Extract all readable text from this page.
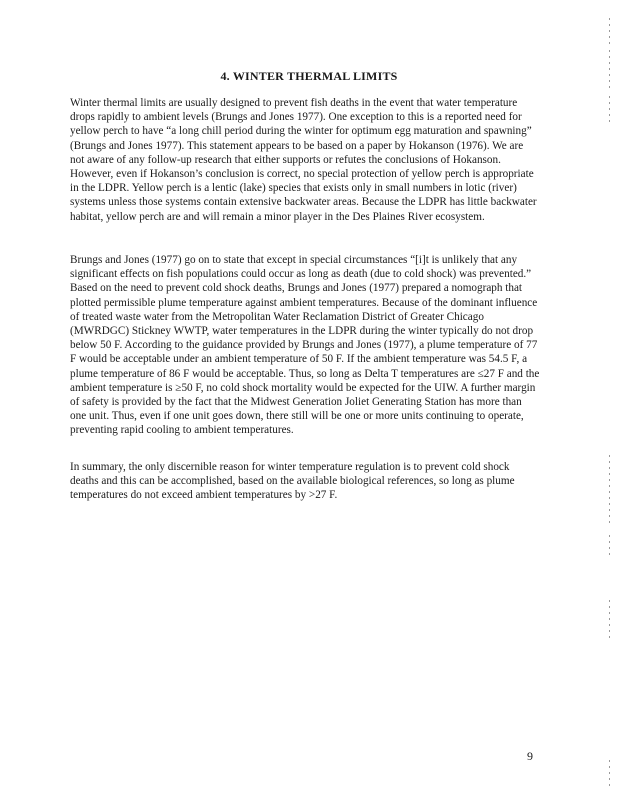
4. WINTER THERMAL LIMITS

Winter thermal limits are usually designed to prevent fish deaths in the event that water temperature drops rapidly to ambient levels (Brungs and Jones 1977). One exception to this is a reported need for yellow perch to have “a long chill period during the winter for optimum egg maturation and spawning” (Brungs and Jones 1977). This statement appears to be based on a paper by Hokanson (1976). We are not aware of any follow-up research that either supports or refutes the conclusions of Hokanson. However, even if Hokanson’s conclusion is correct, no special protection of yellow perch is appropriate in the LDPR. Yellow perch is a lentic (lake) species that exists only in small numbers in lotic (river) systems unless those systems contain extensive backwater areas. Because the LDPR has little backwater habitat, yellow perch are and will remain a minor player in the Des Plaines River ecosystem.

Brungs and Jones (1977) go on to state that except in special circumstances “[i]t is unlikely that any significant effects on fish populations could occur as long as death (due to cold shock) was prevented.” Based on the need to prevent cold shock deaths, Brungs and Jones (1977) prepared a nomograph that plotted permissible plume temperature against ambient temperatures. Because of the dominant influence of treated waste water from the Metropolitan Water Reclamation District of Greater Chicago (MWRDGC) Stickney WWTP, water temperatures in the LDPR during the winter typically do not drop below 50 F. According to the guidance provided by Brungs and Jones (1977), a plume temperature of 77 F would be acceptable under an ambient temperature of 50 F. If the ambient temperature was 54.5 F, a plume temperature of 86 F would be acceptable. Thus, so long as Delta T temperatures are ≤27 F and the ambient temperature is ≥50 F, no cold shock mortality would be expected for the UIW. A further margin of safety is provided by the fact that the Midwest Generation Joliet Generating Station has more than one unit. Thus, even if one unit goes down, there still will be one or more units continuing to operate, preventing rapid cooling to ambient temperatures.

In summary, the only discernible reason for winter temperature regulation is to prevent cold shock deaths and this can be accomplished, based on the available biological references, so long as plume temperatures do not exceed ambient temperatures by >27 F.

9
